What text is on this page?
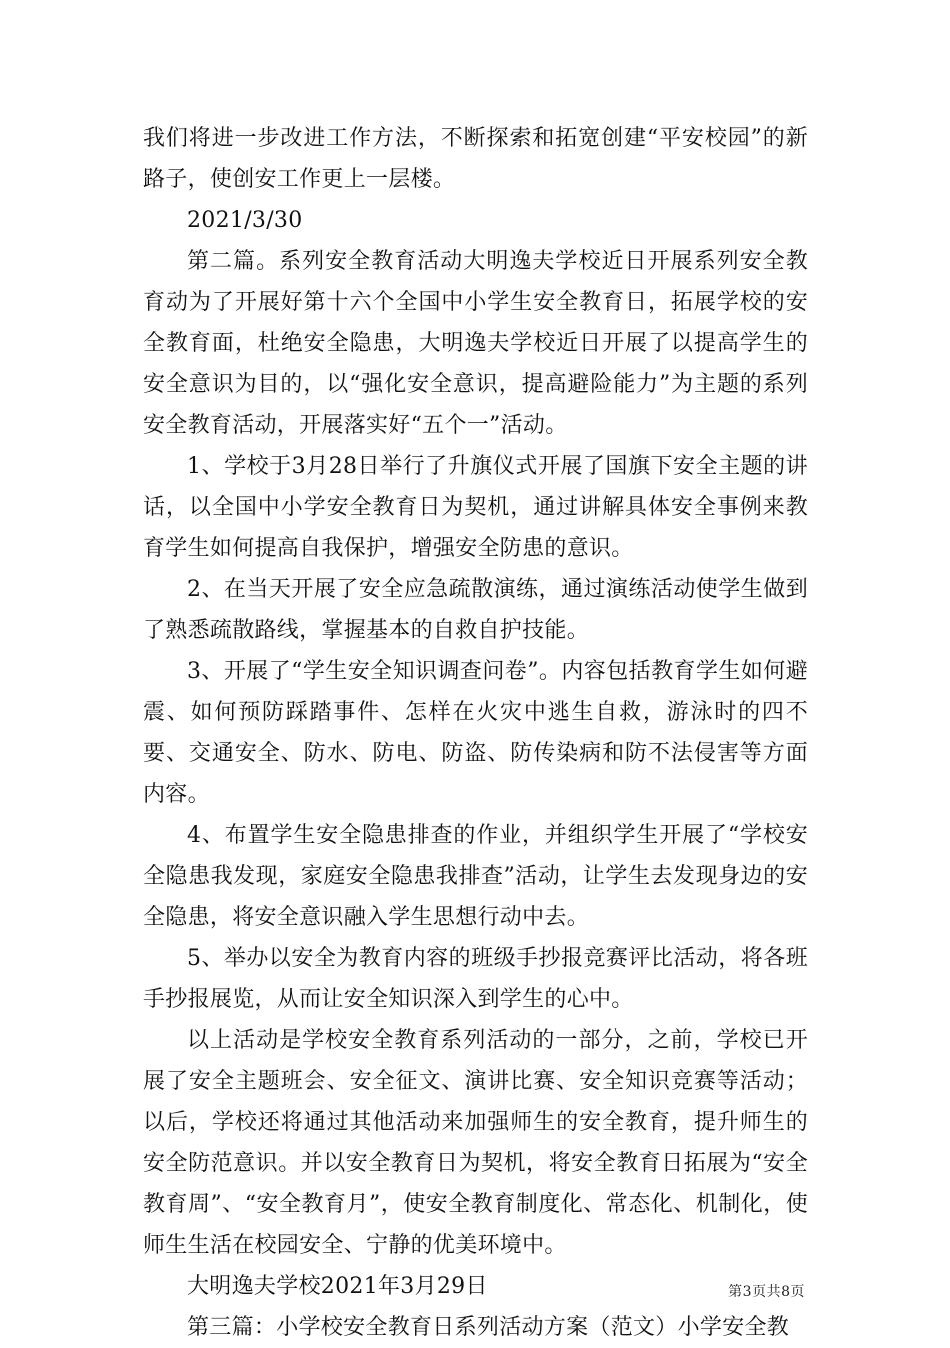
我们将进一步改进工作方法，不断探索和拓宽创建“平安校园”的新路子，使创安工作更上一层楼。

2021/3/30

第二篇。系列安全教育活动大明逸夫学校近日开展系列安全教育动为了开展好第十六个全国中小学生安全教育日，拓展学校的安全教育面，杜绝安全隐患，大明逸夫学校近日开展了以提高学生的安全意识为目的，以“强化安全意识，提高避险能力”为主题的系列安全教育活动，开展落实好“五个一”活动。

1、学校于3月28日举行了升旗仪式开展了国旗下安全主题的讲话，以全国中小学安全教育日为契机，通过讲解具体安全事例来教育学生如何提高自我保护，增强安全防患的意识。

2、在当天开展了安全应急疏散演练，通过演练活动使学生做到了熟悉疏散路线，掌握基本的自救自护技能。

3、开展了“学生安全知识调查问卷”。内容包括教育学生如何避震、如何预防踩踏事件、怎样在火灾中逃生自救，游泳时的四不要、交通安全、防水、防电、防盗、防传染病和防不法侵害等方面内容。

4、布置学生安全隐患排查的作业，并组织学生开展了“学校安全隐患我发现，家庭安全隐患我排查”活动，让学生去发现身边的安全隐患，将安全意识融入学生思想行动中去。

5、举办以安全为教育内容的班级手抄报竞赛评比活动，将各班手抄报展览，从而让安全知识深入到学生的心中。

以上活动是学校安全教育系列活动的一部分，之前，学校已开展了安全主题班会、安全征文、演讲比赛、安全知识竞赛等活动；以后，学校还将通过其他活动来加强师生的安全教育，提升师生的安全防范意识。并以安全教育日为契机，将安全教育日拓展为“安全教育周”、“安全教育月”，使安全教育制度化、常态化、机制化，使师生生活在校园安全、宁静的优美环境中。

大明逸夫学校2021年3月29日

第三篇：小学校安全教育日系列活动方案（范文）小学安全教

第3页共8页
